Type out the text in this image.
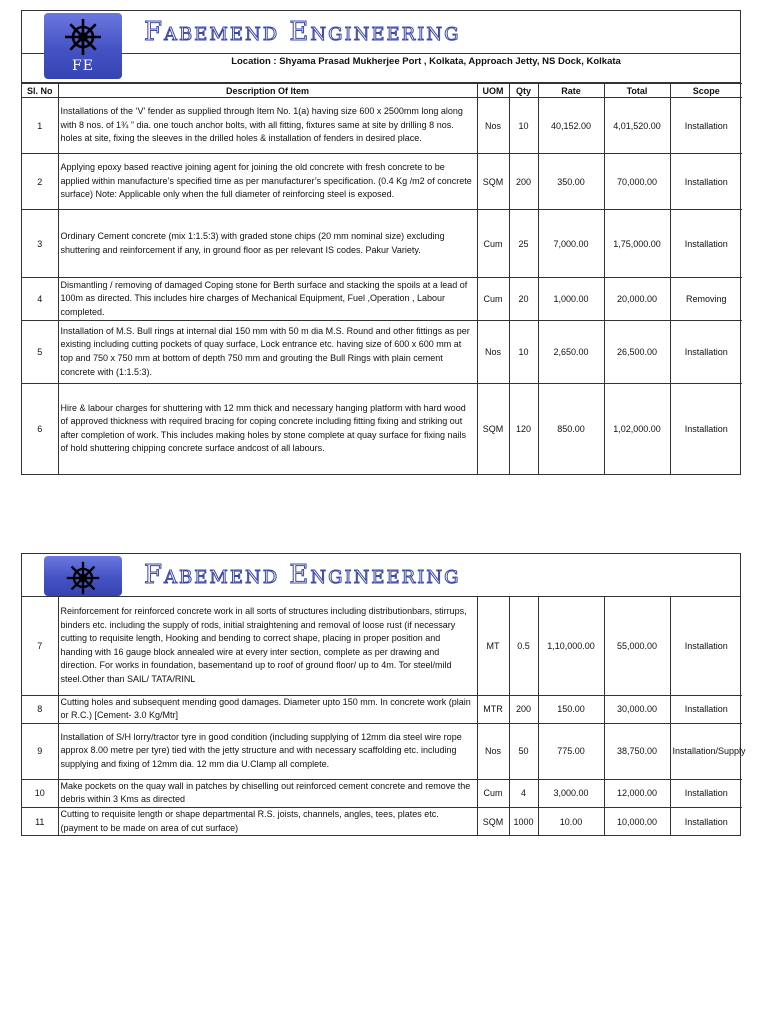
FE
Fabemend Engineering
Location : Shyama Prasad Mukherjee Port , Kolkata, Approach Jetty, NS Dock, Kolkata
Sl. No	Description Of Item	UOM	Qty	Rate	Total	Scope
1	Installations of the ‘V’ fender as supplied through Item No. 1(a) having size 600 x 2500mm long along with 8 nos. of 1¾ ” dia. one touch anchor bolts, with all fitting, fixtures same at site by drilling 8 nos. holes at site, fixing the sleeves in the drilled holes & installation of fenders in desired place.	Nos	10	40,152.00	4,01,520.00	Installation
2	Applying epoxy based reactive joining agent for joining the old concrete with fresh concrete to be applied within manufacture’s specified time as per manufacturer’s specification. (0.4 Kg /m2 of concrete surface) Note: Applicable only when the full diameter of reinforcing steel is exposed.	SQM	200	350.00	70,000.00	Installation
3	Ordinary Cement concrete (mix 1:1.5:3) with graded stone chips (20 mm nominal size) excluding shuttering and reinforcement if any, in ground floor as per relevant IS codes. Pakur Variety.	Cum	25	7,000.00	1,75,000.00	Installation
4	Dismantling / removing of damaged Coping stone for Berth surface and stacking the spoils at a lead of 100m as directed. This includes hire charges of Mechanical Equipment, Fuel ,Operation , Labour completed.	Cum	20	1,000.00	20,000.00	Removing
5	Installation of M.S. Bull rings at internal dial 150 mm with 50 m dia M.S. Round and other fittings as per existing including cutting pockets of quay surface, Lock entrance etc. having size of 600 x 600 mm at top and 750 x 750 mm at bottom of depth 750 mm and grouting the Bull Rings with plain cement concrete with (1:1.5:3).	Nos	10	2,650.00	26,500.00	Installation
6	Hire & labour charges for shuttering with 12 mm thick and necessary hanging platform with hard wood of approved thickness with required bracing for coping concrete including fitting fixing and striking out after completion of work. This includes making holes by stone complete at quay surface for fixing nails of hold shuttering chipping concrete surface andcost of all labours.	SQM	120	850.00	1,02,000.00	Installation
Fabemend Engineering
7	Reinforcement for reinforced concrete work in all sorts of structures including distributionbars, stirrups, binders etc. including the supply of rods, initial straightening and removal of loose rust (if necessary cutting to requisite length, Hooking and bending to correct shape, placing in proper position and handing with 16 gauge block annealed wire at every inter section, complete as per drawing and direction. For works in foundation, basementand up to roof of ground floor/ up to 4m. Tor steel/mild steel.Other than SAIL/ TATA/RINL	MT	0.5	1,10,000.00	55,000.00	Installation
8	Cutting holes and subsequent mending good damages. Diameter upto 150 mm. In concrete work (plain or R.C.) [Cement- 3.0 Kg/Mtr]	MTR	200	150.00	30,000.00	Installation
9	Installation of S/H lorry/tractor tyre in good condition (including supplying of 12mm dia steel wire rope approx 8.00 metre per tyre) tied with the jetty structure and with necessary scaffolding etc. including supplying and fixing of 12mm dia. 12 mm dia U.Clamp all complete.	Nos	50	775.00	38,750.00	Installation/Supply
10	Make pockets on the quay wall in patches by chiselling out reinforced cement concrete and remove the debris within 3 Kms as directed	Cum	4	3,000.00	12,000.00	Installation
11	Cutting to requisite length or shape departmental R.S. joists, channels, angles, tees, plates etc. (payment to be made on area of cut surface)	SQM	1000	10.00	10,000.00	Installation
